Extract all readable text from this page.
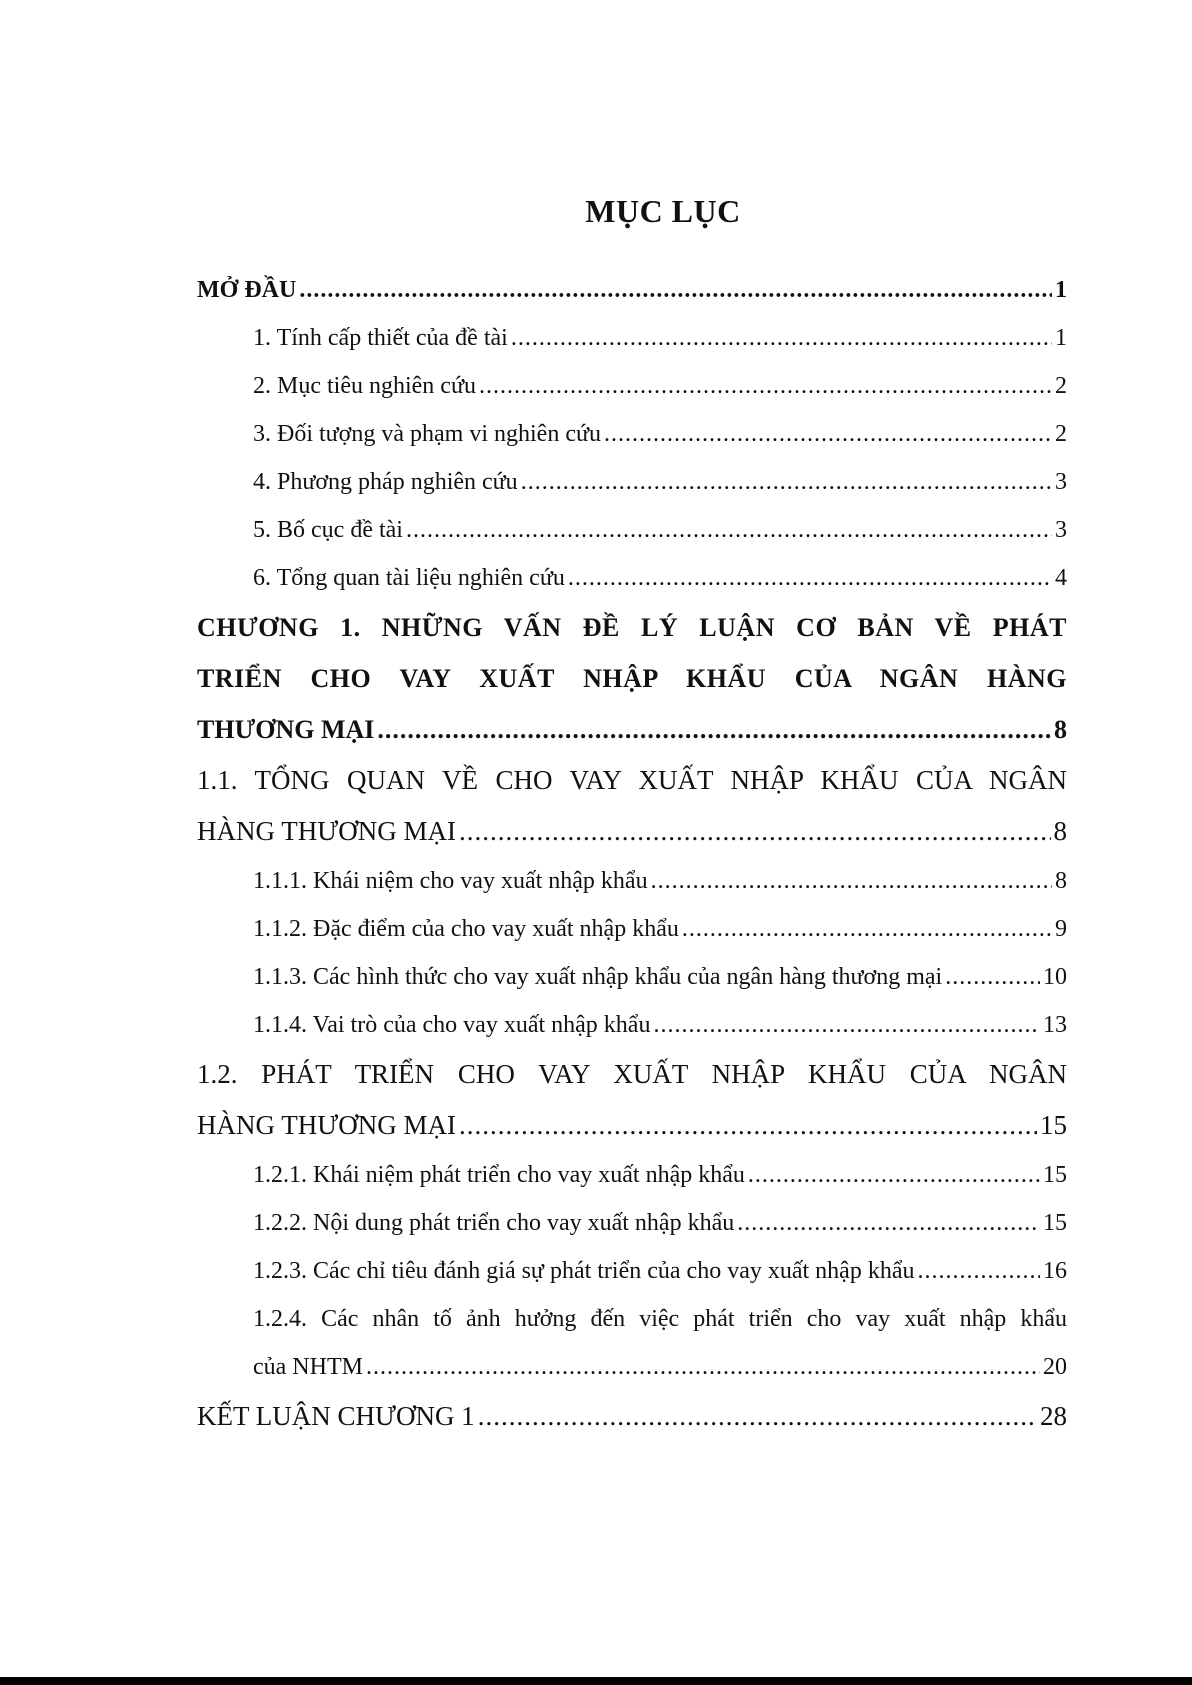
MỤC LỤC
MỞ ĐẦU .....	1
1. Tính cấp thiết của đề tài .....	1
2. Mục tiêu nghiên cứu .....	2
3. Đối tượng và phạm vi nghiên cứu .....	2
4. Phương pháp nghiên cứu .....	3
5. Bố cục đề tài .....	3
6. Tổng quan tài liệu nghiên cứu .....	4
CHƯƠNG 1. NHỮNG VẤN ĐỀ LÝ LUẬN CƠ BẢN VỀ PHÁT
TRIỂN CHO VAY XUẤT NHẬP KHẨU CỦA NGÂN HÀNG
THƯƠNG MẠI .....	8
1.1. TỔNG QUAN VỀ CHO VAY XUẤT NHẬP KHẨU CỦA NGÂN
HÀNG THƯƠNG MẠI .....	8
1.1.1. Khái niệm cho vay xuất nhập khẩu .....	8
1.1.2. Đặc điểm của cho vay xuất nhập khẩu .....	9
1.1.3. Các hình thức cho vay xuất nhập khẩu của ngân hàng thương mại .....	10
1.1.4. Vai trò của cho vay xuất nhập khẩu .....	13
1.2. PHÁT TRIỂN CHO VAY XUẤT NHẬP KHẨU CỦA NGÂN
HÀNG THƯƠNG MẠI .....	15
1.2.1. Khái niệm phát triển cho vay xuất nhập khẩu .....	15
1.2.2. Nội dung phát triển cho vay xuất nhập khẩu .....	15
1.2.3. Các chỉ tiêu đánh giá sự phát triển của cho vay xuất nhập khẩu .....	16
1.2.4. Các nhân tố ảnh hưởng đến việc phát triển cho vay xuất nhập khẩu
của NHTM .....	20
KẾT LUẬN CHƯƠNG 1 .....	28
